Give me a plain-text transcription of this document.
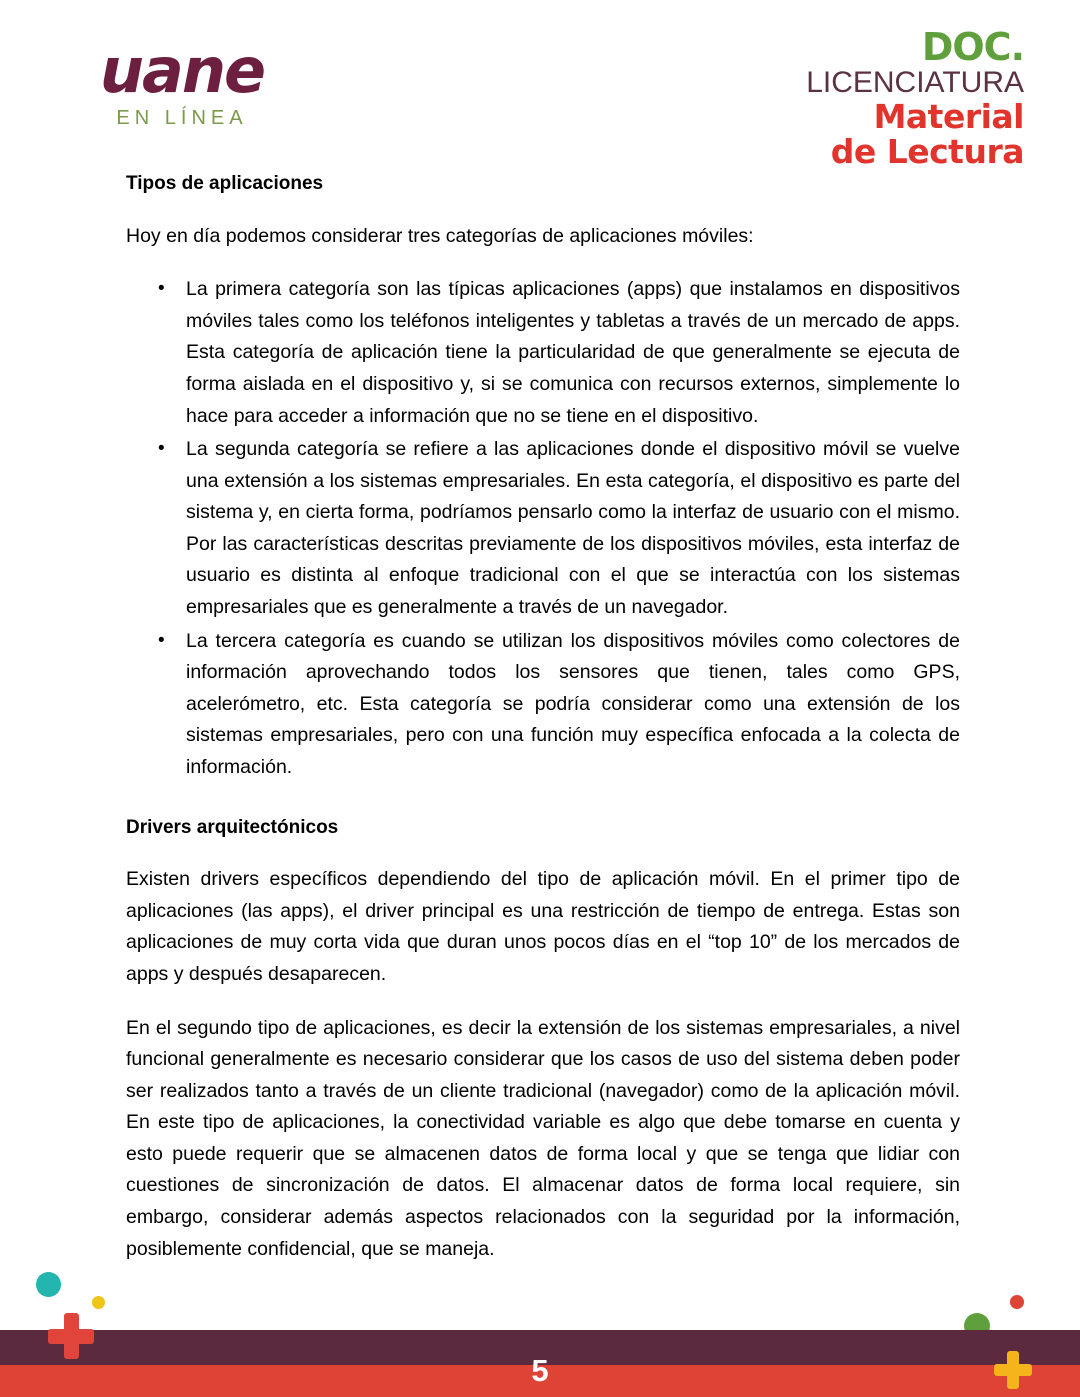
uane
EN LÍNEA
DOC.
LICENCIATURA
Material
de Lectura
Tipos de aplicaciones

Hoy en día podemos considerar tres categorías de aplicaciones móviles:

• La primera categoría son las típicas aplicaciones (apps) que instalamos en dispositivos móviles tales como los teléfonos inteligentes y tabletas a través de un mercado de apps. Esta categoría de aplicación tiene la particularidad de que generalmente se ejecuta de forma aislada en el dispositivo y, si se comunica con recursos externos, simplemente lo hace para acceder a información que no se tiene en el dispositivo.
• La segunda categoría se refiere a las aplicaciones donde el dispositivo móvil se vuelve una extensión a los sistemas empresariales. En esta categoría, el dispositivo es parte del sistema y, en cierta forma, podríamos pensarlo como la interfaz de usuario con el mismo. Por las características descritas previamente de los dispositivos móviles, esta interfaz de usuario es distinta al enfoque tradicional con el que se interactúa con los sistemas empresariales que es generalmente a través de un navegador.
• La tercera categoría es cuando se utilizan los dispositivos móviles como colectores de información aprovechando todos los sensores que tienen, tales como GPS, acelerómetro, etc. Esta categoría se podría considerar como una extensión de los sistemas empresariales, pero con una función muy específica enfocada a la colecta de información.
Drivers arquitectónicos

Existen drivers específicos dependiendo del tipo de aplicación móvil. En el primer tipo de aplicaciones (las apps), el driver principal es una restricción de tiempo de entrega. Estas son aplicaciones de muy corta vida que duran unos pocos días en el “top 10” de los mercados de apps y después desaparecen.

En el segundo tipo de aplicaciones, es decir la extensión de los sistemas empresariales, a nivel funcional generalmente es necesario considerar que los casos de uso del sistema deben poder ser realizados tanto a través de un cliente tradicional (navegador) como de la aplicación móvil. En este tipo de aplicaciones, la conectividad variable es algo que debe tomarse en cuenta y esto puede requerir que se almacenen datos de forma local y que se tenga que lidiar con cuestiones de sincronización de datos. El almacenar datos de forma local requiere, sin embargo, considerar además aspectos relacionados con la seguridad por la información, posiblemente confidencial, que se maneja.

5
